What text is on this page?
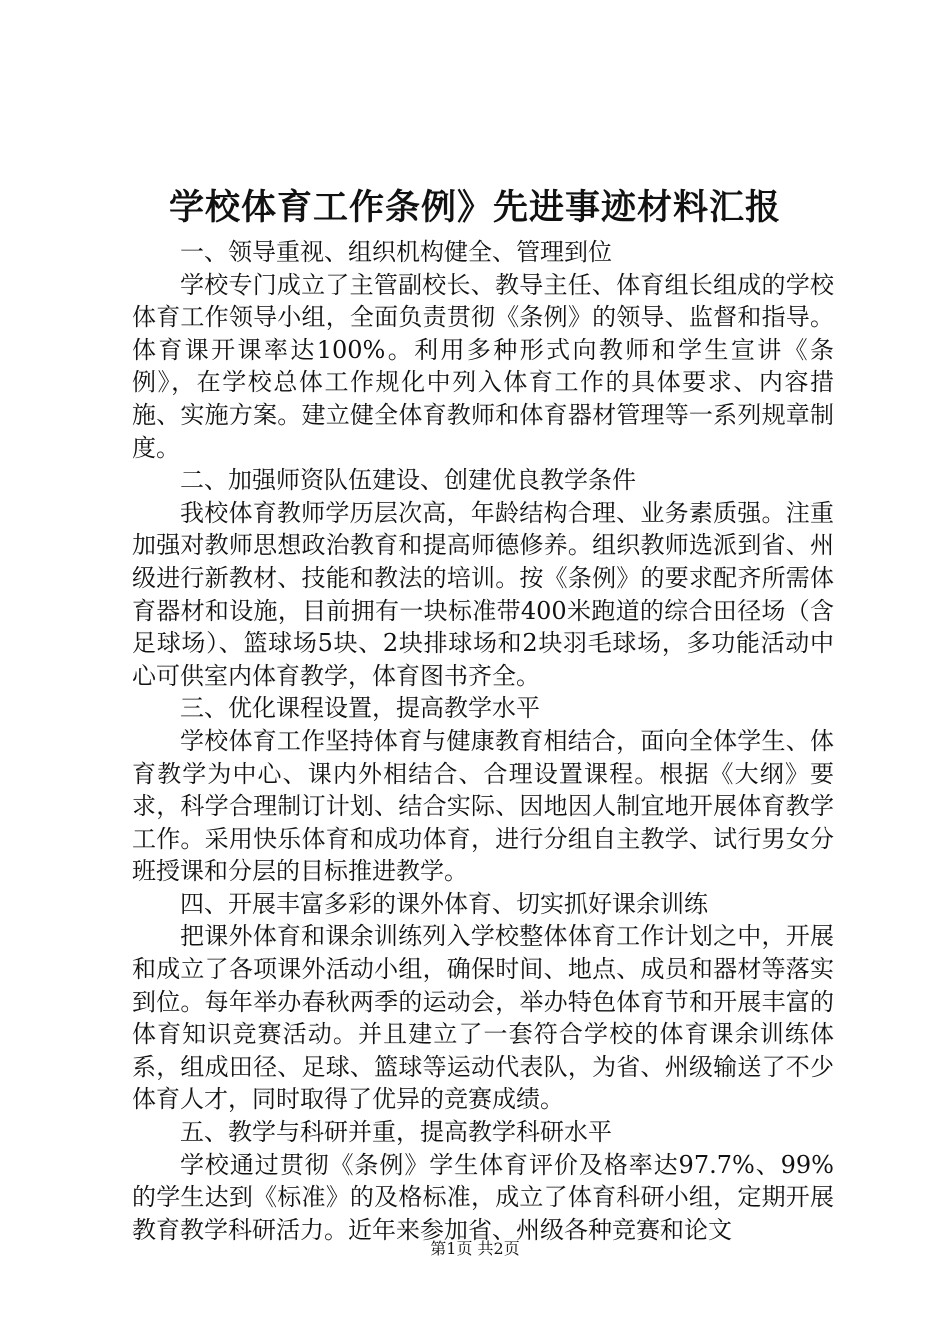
学校体育工作条例》先进事迹材料汇报

一、领导重视、组织机构健全、管理到位

学校专门成立了主管副校长、教导主任、体育组长组成的学校体育工作领导小组，全面负责贯彻《条例》的领导、监督和指导。体育课开课率达100%。利用多种形式向教师和学生宣讲《条例》，在学校总体工作规化中列入体育工作的具体要求、内容措施、实施方案。建立健全体育教师和体育器材管理等一系列规章制度。

二、加强师资队伍建设、创建优良教学条件

我校体育教师学历层次高，年龄结构合理、业务素质强。注重加强对教师思想政治教育和提高师德修养。组织教师选派到省、州级进行新教材、技能和教法的培训。按《条例》的要求配齐所需体育器材和设施，目前拥有一块标准带400米跑道的综合田径场（含足球场）、篮球场5块、2块排球场和2块羽毛球场，多功能活动中心可供室内体育教学，体育图书齐全。

三、优化课程设置，提高教学水平

学校体育工作坚持体育与健康教育相结合，面向全体学生、体育教学为中心、课内外相结合、合理设置课程。根据《大纲》要求，科学合理制订计划、结合实际、因地因人制宜地开展体育教学工作。采用快乐体育和成功体育，进行分组自主教学、试行男女分班授课和分层的目标推进教学。

四、开展丰富多彩的课外体育、切实抓好课余训练

把课外体育和课余训练列入学校整体体育工作计划之中，开展和成立了各项课外活动小组，确保时间、地点、成员和器材等落实到位。每年举办春秋两季的运动会，举办特色体育节和开展丰富的体育知识竞赛活动。并且建立了一套符合学校的体育课余训练体系，组成田径、足球、篮球等运动代表队，为省、州级输送了不少体育人才，同时取得了优异的竞赛成绩。

五、教学与科研并重，提高教学科研水平

学校通过贯彻《条例》学生体育评价及格率达97.7%、99%的学生达到《标准》的及格标准，成立了体育科研小组，定期开展教育教学科研活力。近年来参加省、州级各种竞赛和论文

第1页 共2页
